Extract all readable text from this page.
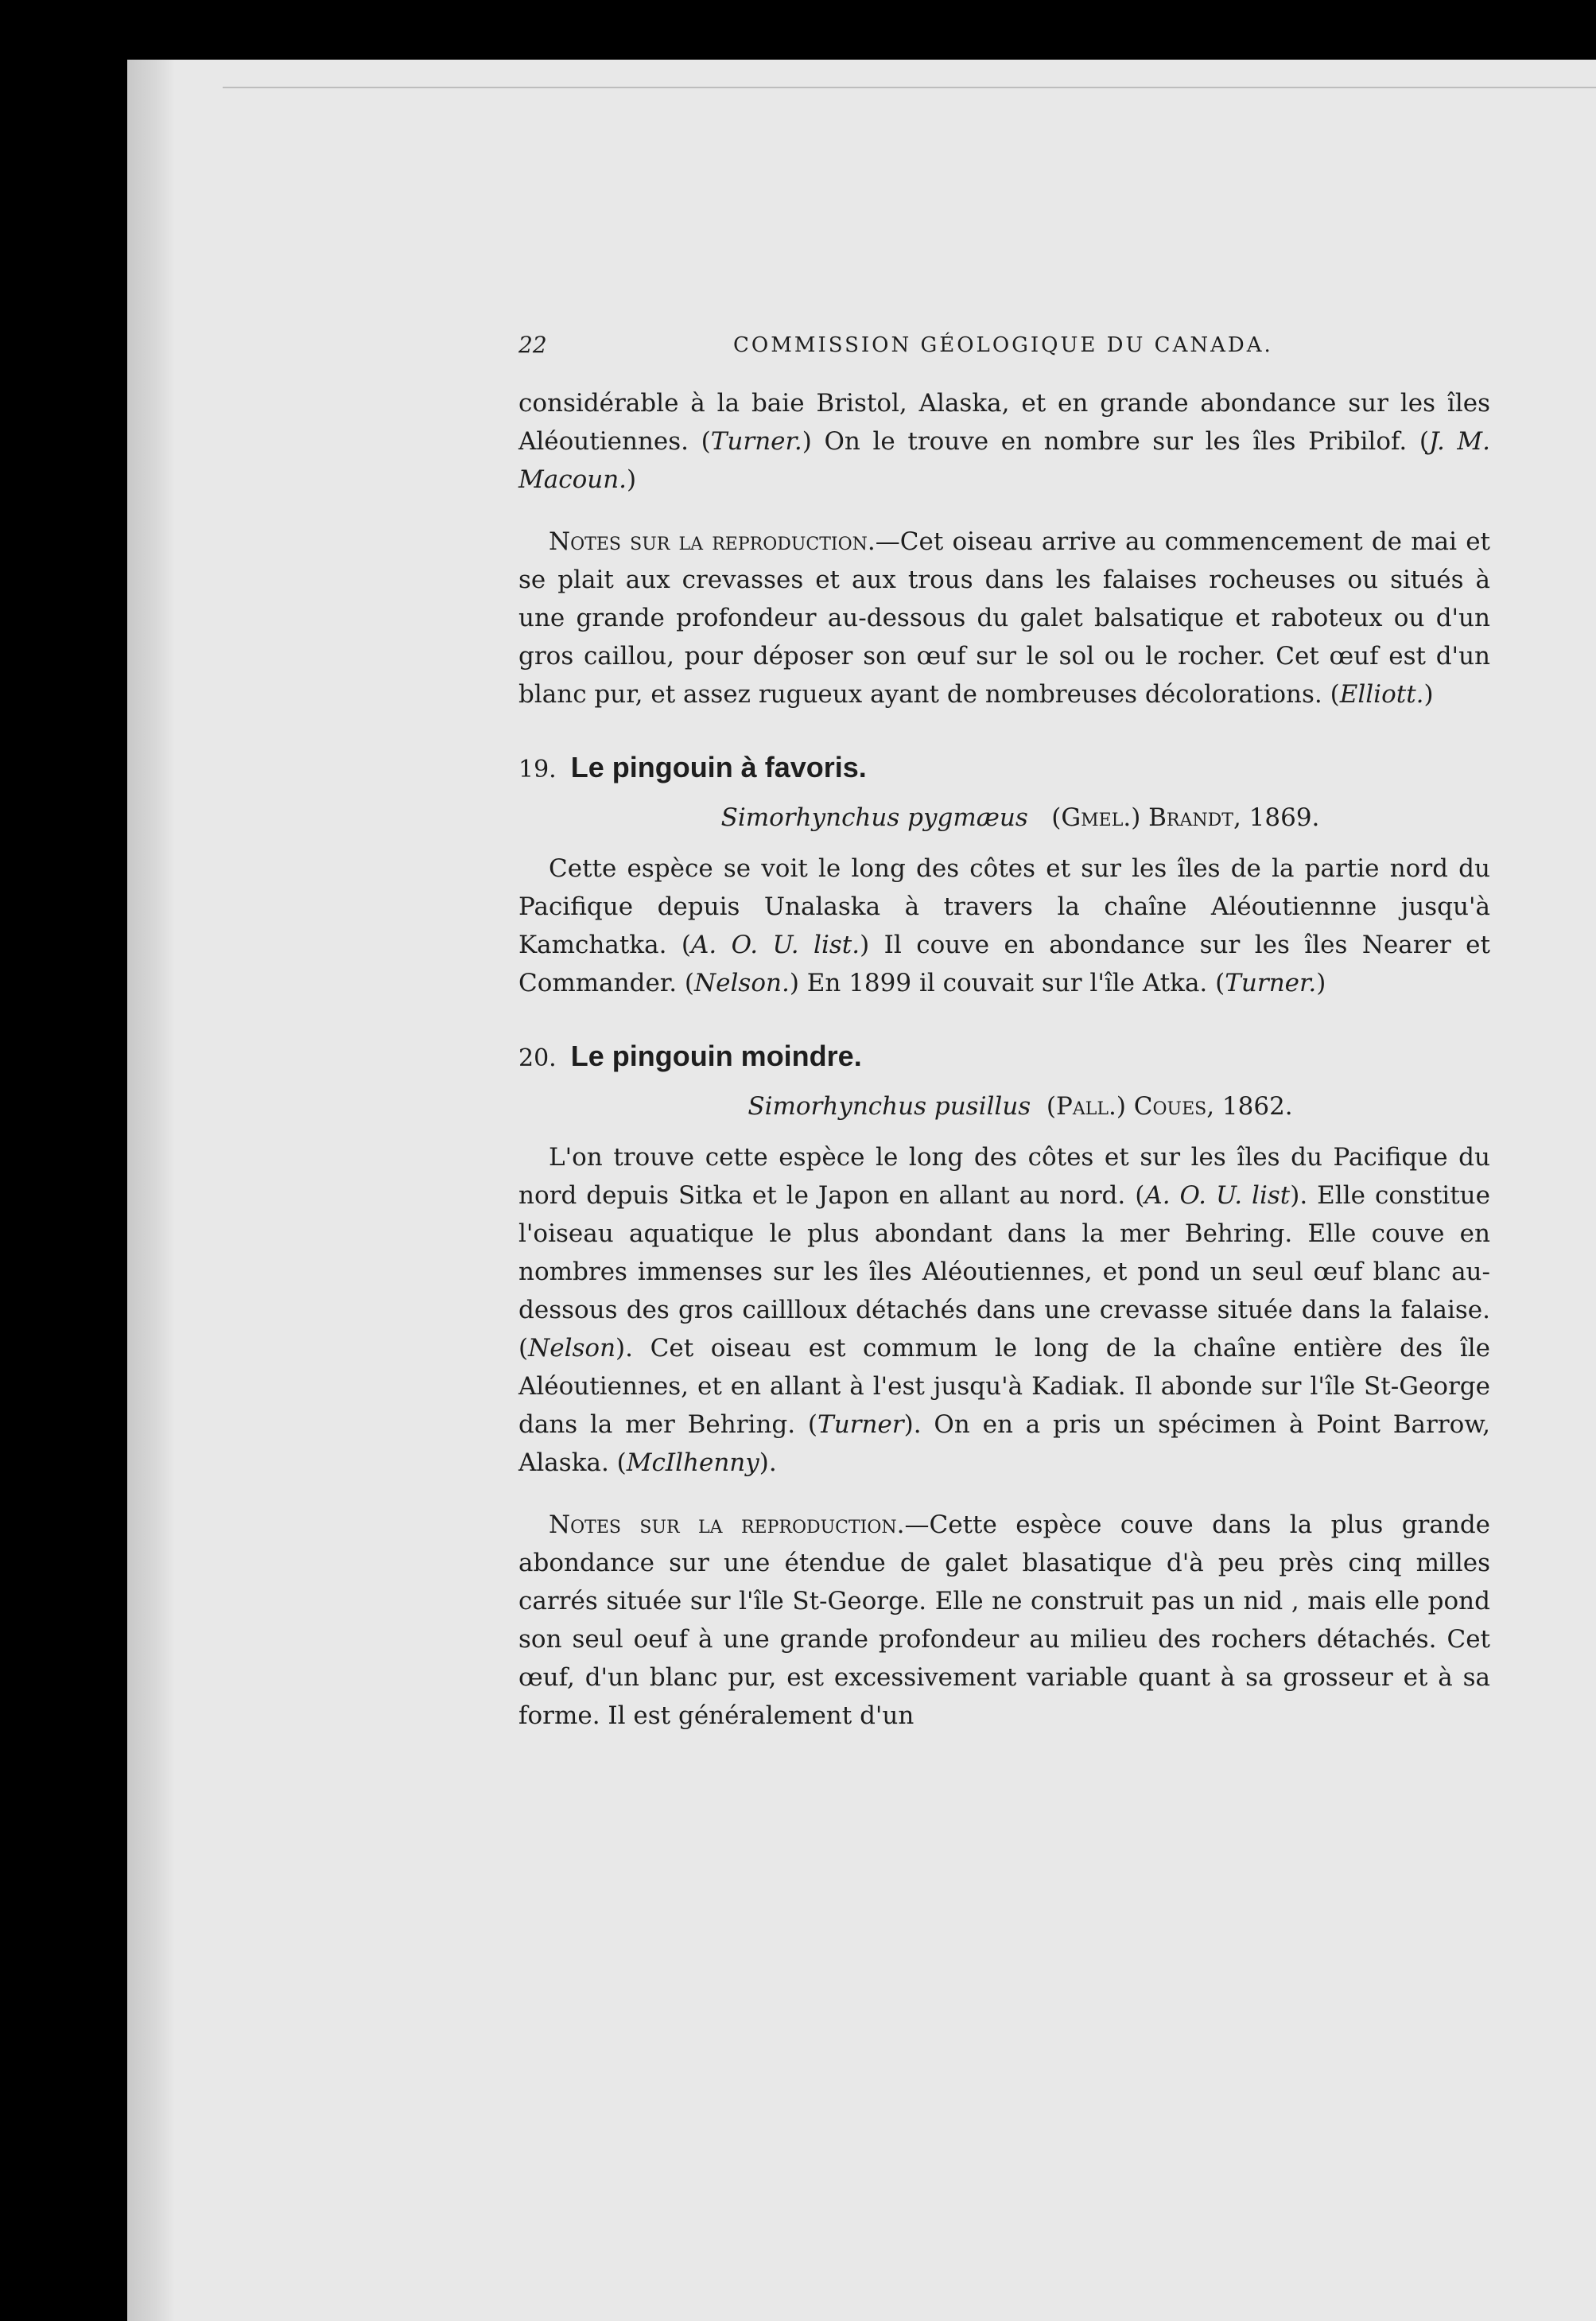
22	COMMISSION GÉOLOGIQUE DU CANADA.

considérable à la baie Bristol, Alaska, et en grande abondance sur les îles Aléoutiennes. (Turner.) On le trouve en nombre sur les îles Pribilof. (J. M. Macoun.)

Notes sur la reproduction.—Cet oiseau arrive au commencement de mai et se plait aux crevasses et aux trous dans les falaises rocheuses ou situés à une grande profondeur au-dessous du galet balsatique et raboteux ou d'un gros caillou, pour déposer son œuf sur le sol ou le rocher. Cet œuf est d'un blanc pur, et assez rugueux ayant de nombreuses décolorations. (Elliott.)

19. Le pingouin à favoris.
Simorhynchus pygmæus (Gmel.) Brandt, 1869.

Cette espèce se voit le long des côtes et sur les îles de la partie nord du Pacifique depuis Unalaska à travers la chaîne Aléoutiennne jusqu'à Kamchatka. (A. O. U. list.) Il couve en abondance sur les îles Nearer et Commander. (Nelson.) En 1899 il couvait sur l'île Atka. (Turner.)

20. Le pingouin moindre.
Simorhynchus pusillus (Pall.) Coues, 1862.

L'on trouve cette espèce le long des côtes et sur les îles du Pacifique du nord depuis Sitka et le Japon en allant au nord. (A. O. U. list). Elle constitue l'oiseau aquatique le plus abondant dans la mer Behring. Elle couve en nombres immenses sur les îles Aléoutiennes, et pond un seul œuf blanc au-dessous des gros caillloux détachés dans une crevasse située dans la falaise. (Nelson). Cet oiseau est commum le long de la chaîne entière des île Aléoutiennes, et en allant à l'est jusqu'à Kadiak. Il abonde sur l'île St-George dans la mer Behring. (Turner). On en a pris un spécimen à Point Barrow, Alaska. (McIlhenny).

Notes sur la reproduction.—Cette espèce couve dans la plus grande abondance sur une étendue de galet blasatique d'à peu près cinq milles carrés située sur l'île St-George. Elle ne construit pas un nid , mais elle pond son seul oeuf à une grande profondeur au milieu des rochers détachés. Cet œuf, d'un blanc pur, est excessivement variable quant à sa grosseur et à sa forme. Il est généralement d'un
